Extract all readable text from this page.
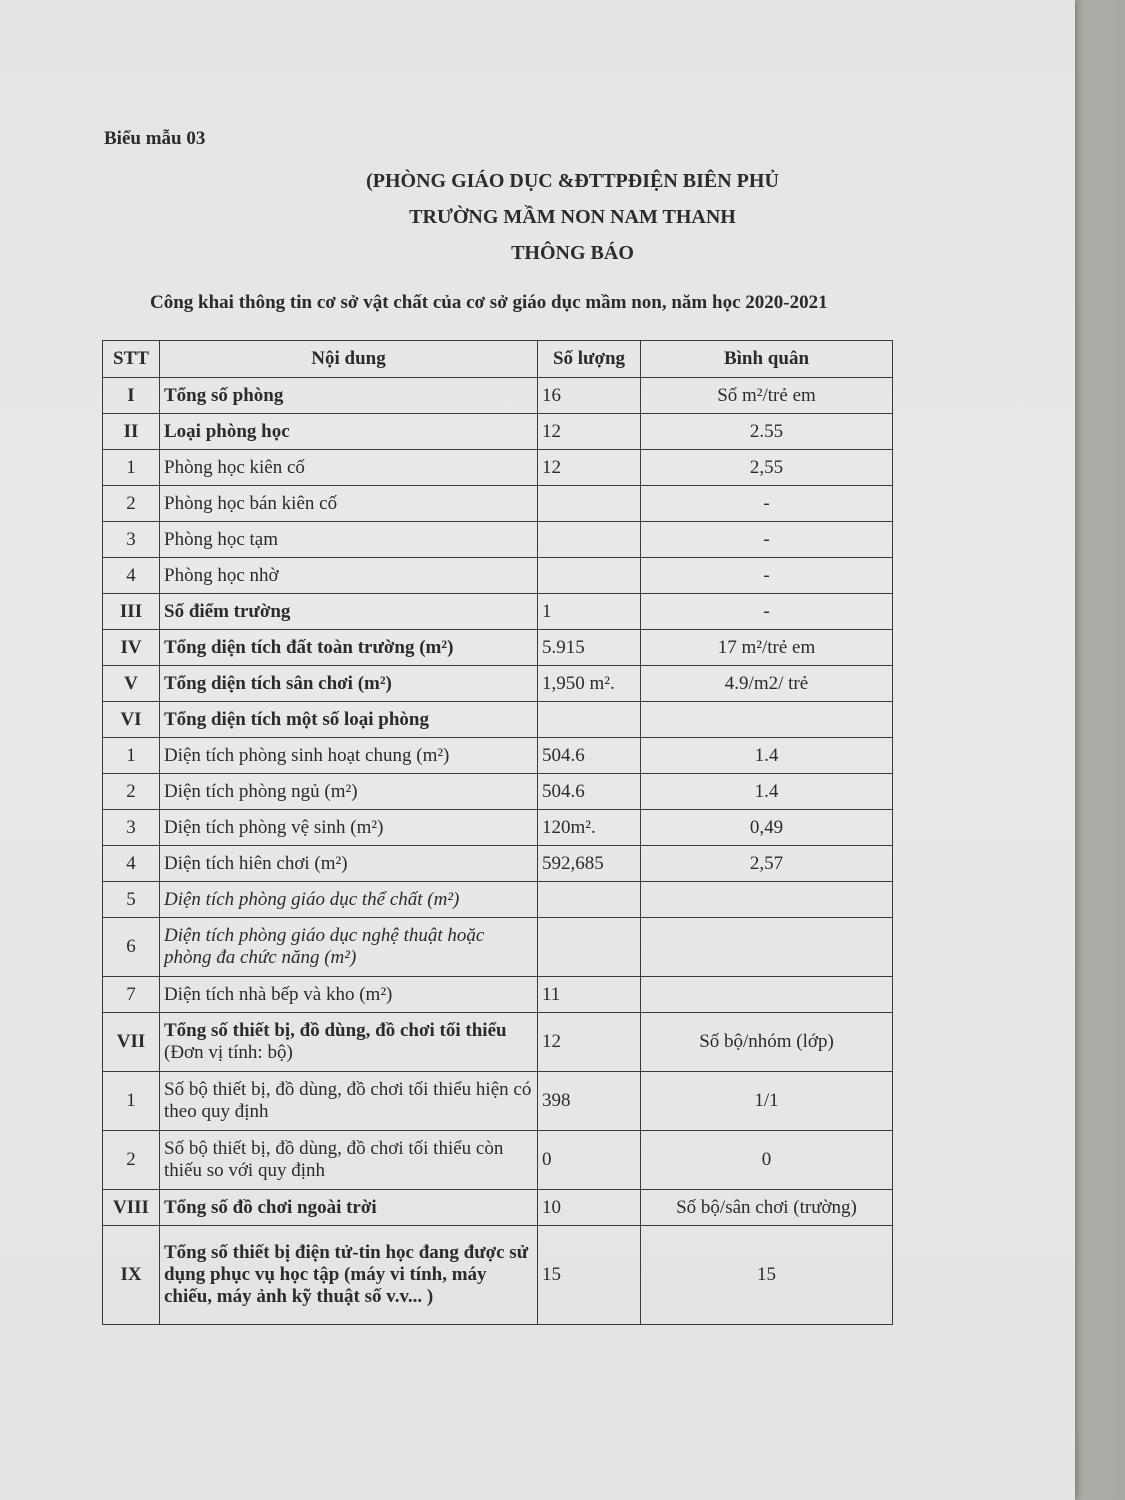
Biểu mẫu 03
(PHÒNG GIÁO DỤC &ĐTTPĐIỆN BIÊN PHỦ
TRƯỜNG MẦM NON NAM THANH
THÔNG BÁO
Công khai thông tin cơ sở vật chất của cơ sở giáo dục mầm non, năm học 2020-2021
STT	Nội dung	Số lượng	Bình quân
I	Tổng số phòng	16	Số m²/trẻ em
II	Loại phòng học	12	2.55
1	Phòng học kiên cố	12	2,55
2	Phòng học bán kiên cố		-
3	Phòng học tạm		-
4	Phòng học nhờ		-
III	Số điểm trường	1	-
IV	Tổng diện tích đất toàn trường (m²)	5.915	17 m²/trẻ em
V	Tổng diện tích sân chơi (m²)	1,950 m².	4.9/m2/ trẻ
VI	Tổng diện tích một số loại phòng		
1	Diện tích phòng sinh hoạt chung (m²)	504.6	1.4
2	Diện tích phòng ngủ (m²)	504.6	1.4
3	Diện tích phòng vệ sinh (m²)	120m².	0,49
4	Diện tích hiên chơi (m²)	592,685	2,57
5	Diện tích phòng giáo dục thể chất (m²)		
6	Diện tích phòng giáo dục nghệ thuật hoặc phòng đa chức năng (m²)		
7	Diện tích nhà bếp và kho (m²)	11	
VII	Tổng số thiết bị, đồ dùng, đồ chơi tối thiểu (Đơn vị tính: bộ)	12	Số bộ/nhóm (lớp)
1	Số bộ thiết bị, đồ dùng, đồ chơi tối thiểu hiện có theo quy định	398	1/1
2	Số bộ thiết bị, đồ dùng, đồ chơi tối thiểu còn thiếu so với quy định	0	0
VIII	Tổng số đồ chơi ngoài trời	10	Số bộ/sân chơi (trường)
IX	Tổng số thiết bị điện tử-tin học đang được sử dụng phục vụ học tập (máy vi tính, máy chiếu, máy ảnh kỹ thuật số v.v... )	15	15
